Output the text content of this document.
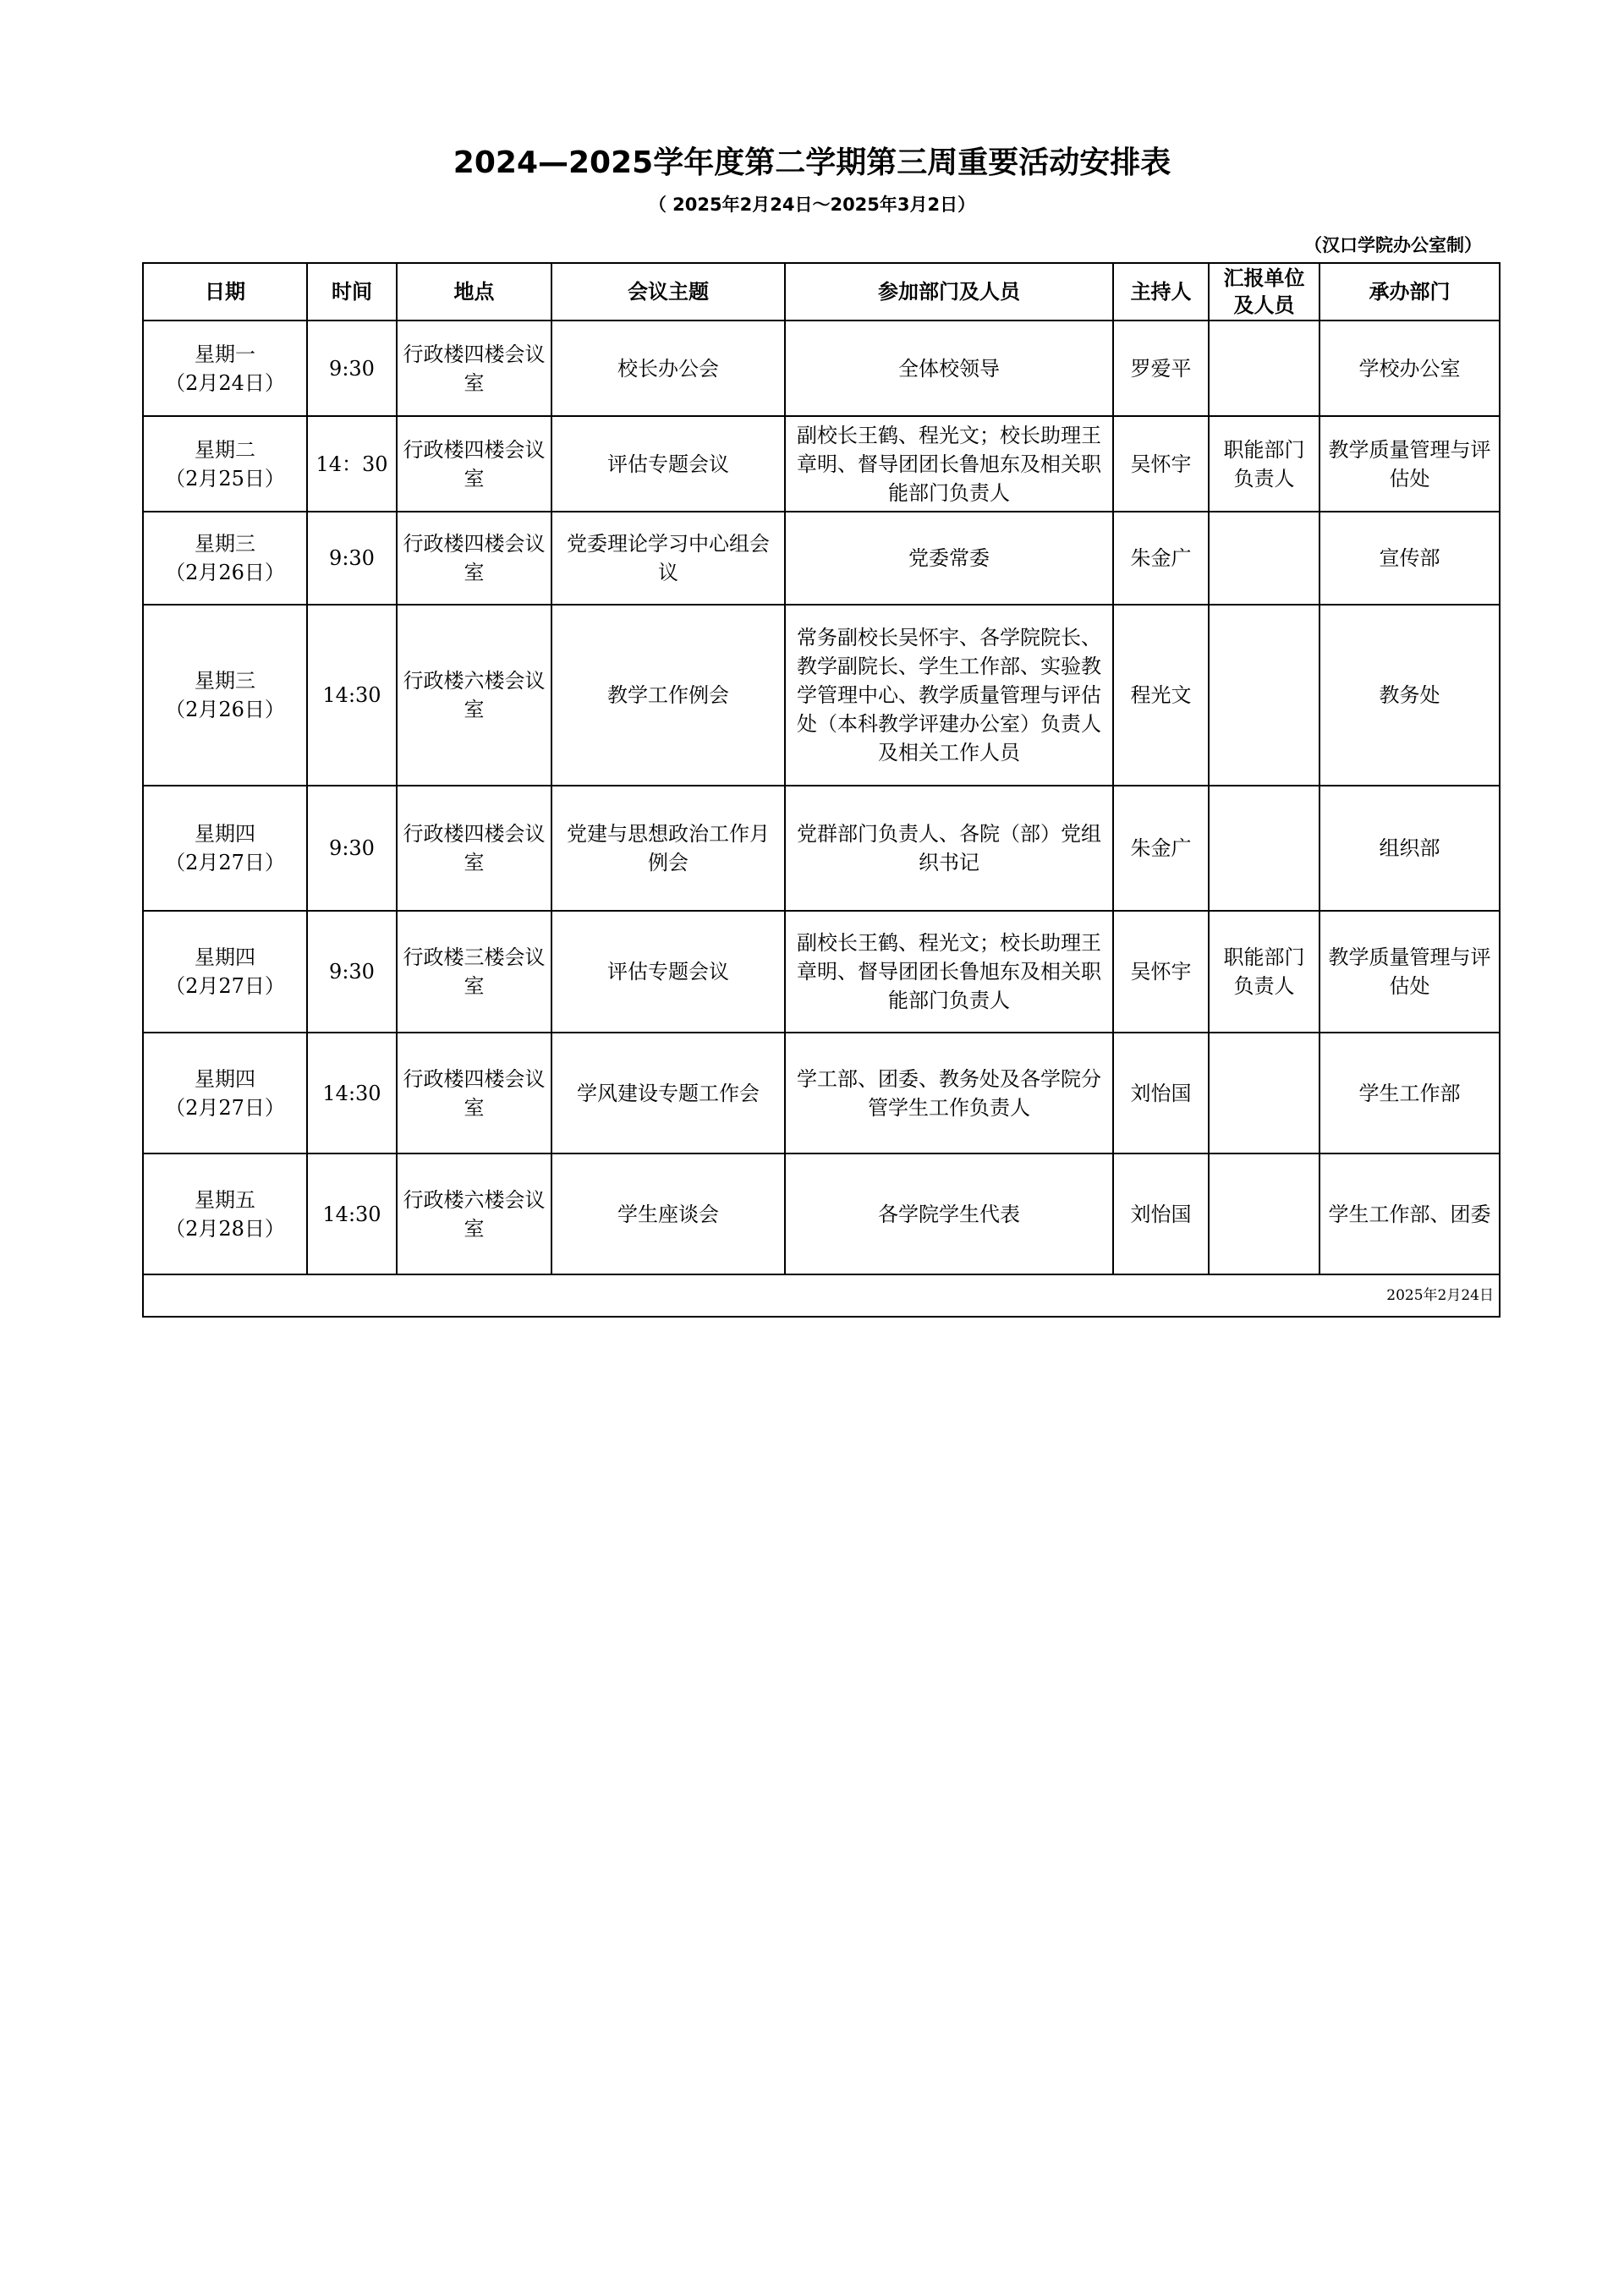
2024—2025学年度第二学期第三周重要活动安排表
（ 2025年2月24日～2025年3月2日）
（汉口学院办公室制）
日期	时间	地点	会议主题	参加部门及人员	主持人	汇报单位及人员	承办部门

星期一
（2月24日）	9:30	行政楼四楼会议室	校长办公会	全体校领导	罗爱平		学校办公室

星期二
（2月25日）	14：30	行政楼四楼会议室	评估专题会议	副校长王鹤、程光文；校长助理王章明、督导团团长鲁旭东及相关职能部门负责人	吴怀宇	职能部门负责人	教学质量管理与评估处

星期三
（2月26日）	9:30	行政楼四楼会议室	党委理论学习中心组会议	党委常委	朱金广		宣传部

星期三
（2月26日）	14:30	行政楼六楼会议室	教学工作例会	常务副校长吴怀宇、各学院院长、教学副院长、学生工作部、实验教学管理中心、教学质量管理与评估处（本科教学评建办公室）负责人及相关工作人员	程光文		教务处

星期四
（2月27日）	9:30	行政楼四楼会议室	党建与思想政治工作月例会	党群部门负责人、各院（部）党组织书记	朱金广		组织部

星期四
（2月27日）	9:30	行政楼三楼会议室	评估专题会议	副校长王鹤、程光文；校长助理王章明、督导团团长鲁旭东及相关职能部门负责人	吴怀宇	职能部门负责人	教学质量管理与评估处

星期四
（2月27日）	14:30	行政楼四楼会议室	学风建设专题工作会	学工部、团委、教务处及各学院分管学生工作负责人	刘怡国		学生工作部

星期五
（2月28日）	14:30	行政楼六楼会议室	学生座谈会	各学院学生代表	刘怡国		学生工作部、团委
2025年2月24日							
